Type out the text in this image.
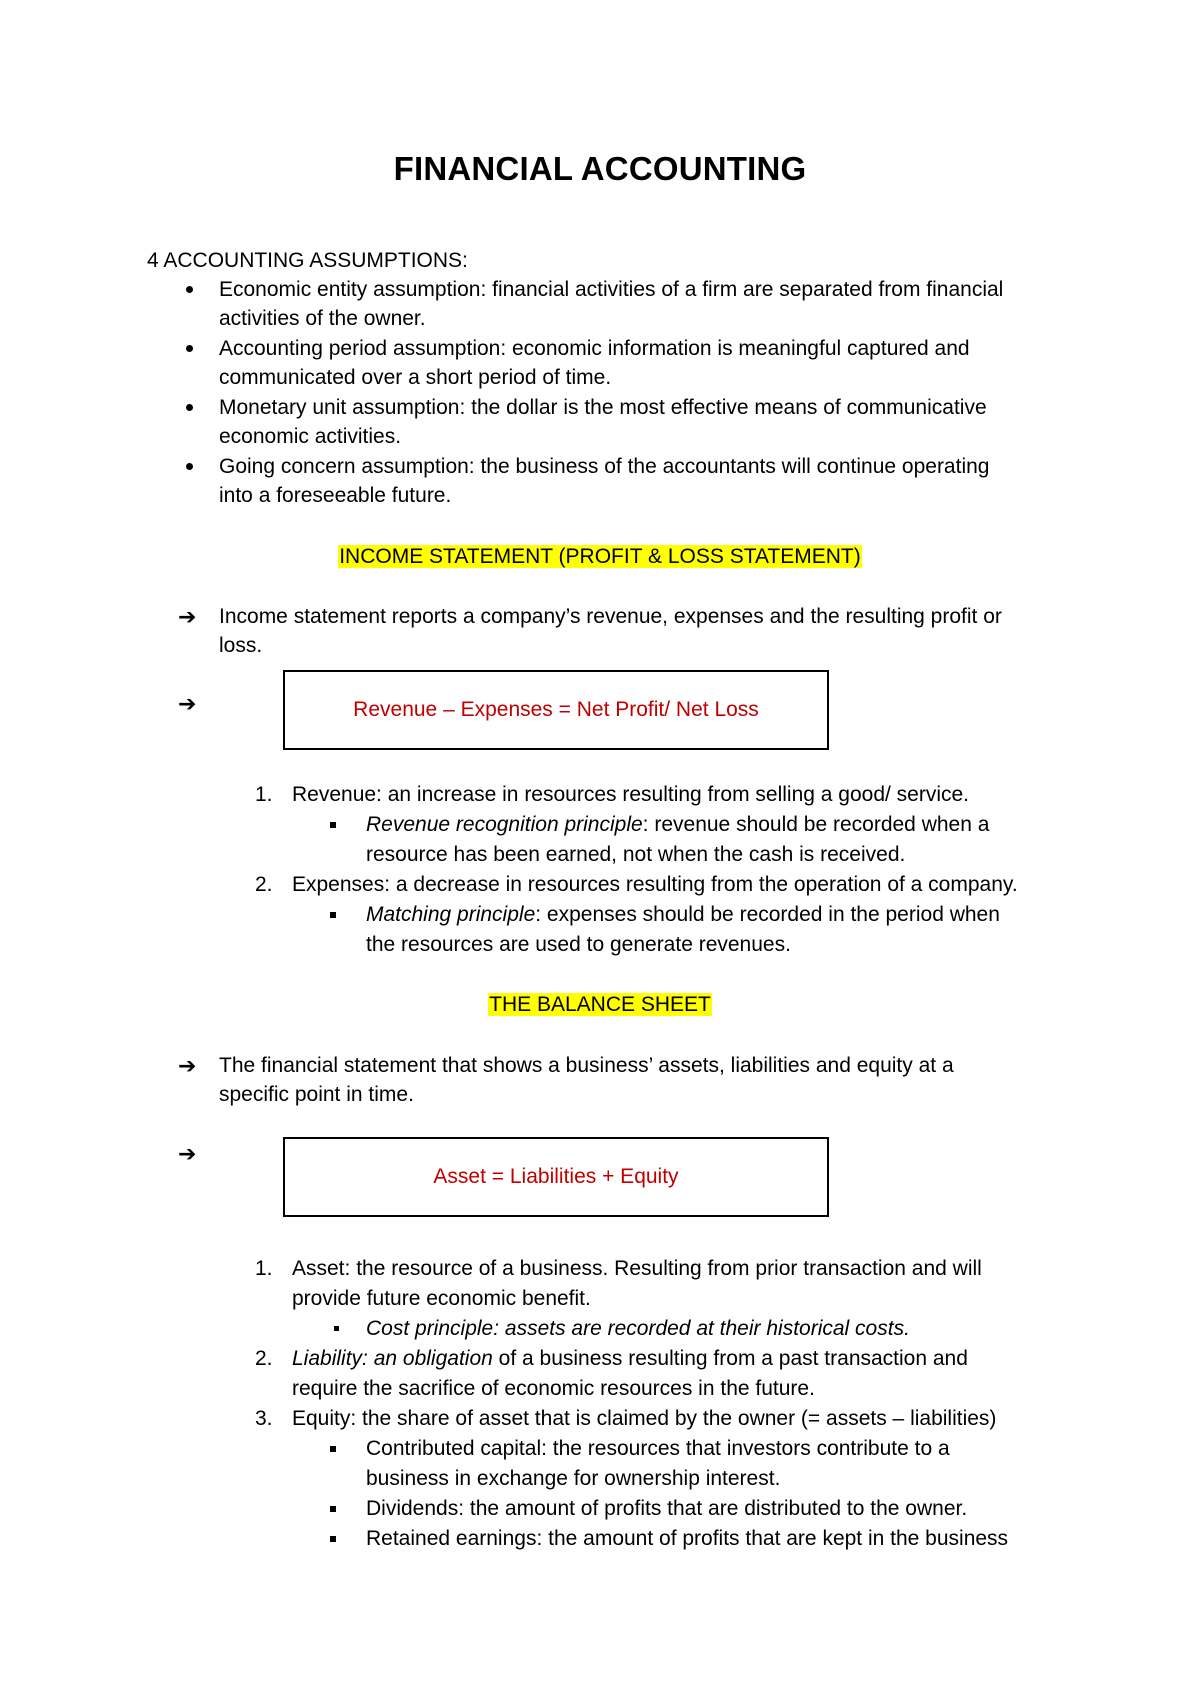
FINANCIAL ACCOUNTING
4 ACCOUNTING ASSUMPTIONS:
Economic entity assumption: financial activities of a firm are separated from financial
activities of the owner.
Accounting period assumption: economic information is meaningful captured and
communicated over a short period of time.
Monetary unit assumption: the dollar is the most effective means of communicative
economic activities.
Going concern assumption: the business of the accountants will continue operating
into a foreseeable future.
INCOME STATEMENT (PROFIT & LOSS STATEMENT)
➔ Income statement reports a company’s revenue, expenses and the resulting profit or
loss.
➔	Revenue – Expenses = Net Profit/ Net Loss
1. Revenue: an increase in resources resulting from selling a good/ service.
Revenue recognition principle: revenue should be recorded when a
resource has been earned, not when the cash is received.
2. Expenses: a decrease in resources resulting from the operation of a company.
Matching principle: expenses should be recorded in the period when
the resources are used to generate revenues.
THE BALANCE SHEET
➔ The financial statement that shows a business’ assets, liabilities and equity at a
specific point in time.
➔
Asset = Liabilities + Equity
1. Asset: the resource of a business. Resulting from prior transaction and will
provide future economic benefit.
Cost principle: assets are recorded at their historical costs.
2. Liability: an obligation of a business resulting from a past transaction and
require the sacrifice of economic resources in the future.
3. Equity: the share of asset that is claimed by the owner (= assets – liabilities)
Contributed capital: the resources that investors contribute to a
business in exchange for ownership interest.
Dividends: the amount of profits that are distributed to the owner.
Retained earnings: the amount of profits that are kept in the business
